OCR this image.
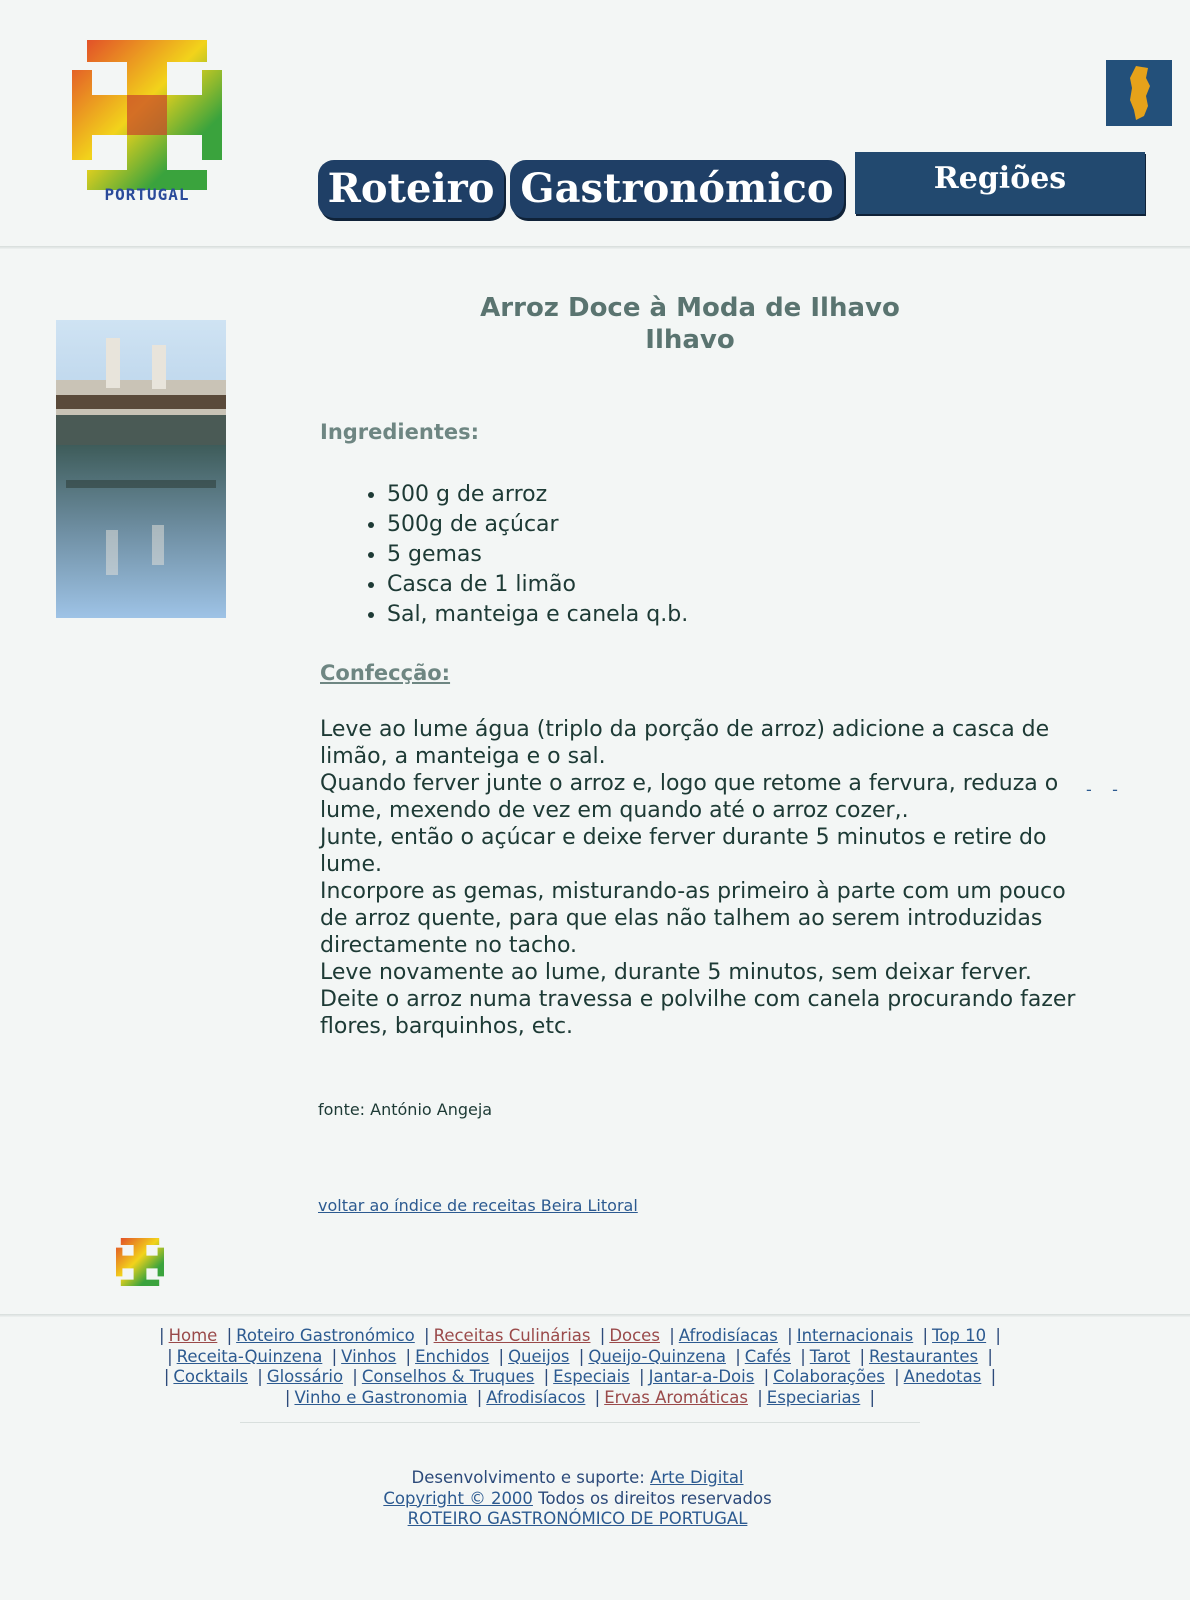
PORTUGAL	Roteiro Gastronómico	Regiões
Arroz Doce à Moda de Ilhavo
Ilhavo
Ingredientes:
• 500 g de arroz
• 500g de açúcar
• 5 gemas
• Casca de 1 limão
• Sal, manteiga e canela q.b.
Confecção:

Leve ao lume água (triplo da porção de arroz) adicione a casca de limão, a manteiga e o sal.

Quando ferver junte o arroz e, logo que retome a fervura, reduza o lume, mexendo de vez em quando até o arroz cozer,.

Junte, então o açúcar e deixe ferver durante 5 minutos e retire do lume.

Incorpore as gemas, misturando-as primeiro à parte com um pouco de arroz quente, para que elas não talhem ao serem introduzidas directamente no tacho.

Leve novamente ao lume, durante 5 minutos, sem deixar ferver.

Deite o arroz numa travessa e polvilhe com canela procurando fazer flores, barquinhos, etc.

-    -
fonte: António Angeja
voltar ao índice de receitas Beira Litoral
| Home | Roteiro Gastronómico | Receitas Culinárias | Doces | Afrodisíacas | Internacionais | Top 10 |
| Receita-Quinzena | Vinhos | Enchidos | Queijos | Queijo-Quinzena | Cafés | Tarot | Restaurantes |
| Cocktails | Glossário | Conselhos & Truques | Especiais | Jantar-a-Dois | Colaborações | Anedotas |
| Vinho e Gastronomia | Afrodisíacos | Ervas Aromáticas | Especiarias |
Desenvolvimento e suporte: Arte Digital
Copyright © 2000 Todos os direitos reservados
ROTEIRO GASTRONÓMICO DE PORTUGAL
